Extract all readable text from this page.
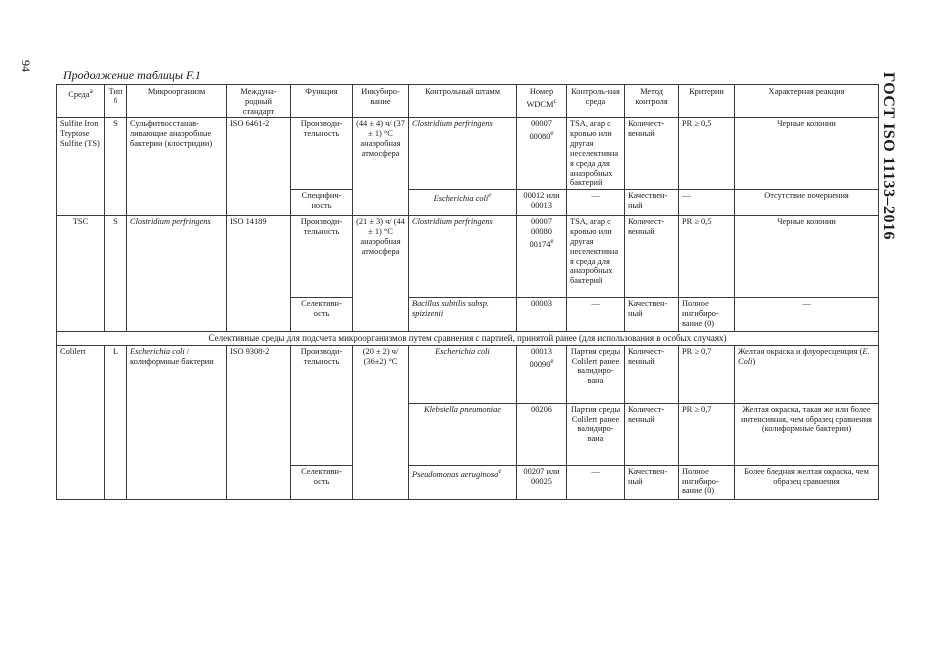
94
ГОСТ ISO 11133–2016
Продолжение таблицы F.1
Среда$^а$	Тип$^б$	Микроорганизм	Междуна-родный стандарт	Функция	Инкубиро-вание	Контрольный штамм	Номер $WDCM^с$	Контроль-ная среда	Метод контроля	Критерии	Характерная реакция
Sulfite Iron Tryptose Sulfite (TS)	S	Сульфитвосстанав-ливающие анаэробные бактерии (клостридии)	ISO 6461-2	Производи-тельность	(44 ± 4) ч/ (37 ± 1) °C анаэробная атмосфера	Clostridium perfringens	00007 00080e	TSA, агар с кровью или другая неселективная среда для анаэробных бактерий	Количест-венный	PR ≥ 0,5	Черные колонии
				Специфич-ность		Escherichia coli$^e$	00012 или 00013	—	Качествен-ный	—	Отсутствие почернения
TSC	S	Clostridium perfringens	ISO 14189	Производи-тельность	(21 ± 3) ч/ (44 ± 1) °C анаэробная атмосфера	Clostridium perfringens	00007 00080 00174e	TSA, агар с кровью или другая неселективная среда для анаэробных бактерий	Количест-венный	PR ≥ 0,5	Черные колонии
				Селективн-ость		Bacillus subtilis subsp. spizizenii	00003	—	Качествен-ный	Полное ингибиро-вание (0)	—
Селективные среды для подсчета микроорганизмов путем сравнения с партией, принятой ранее (для использования в особых случаях)											
Colilert	L	Escherichia coli /колиформные бактерии	ISO 9308-2	Производи-тельность	(20 ± 2) ч/ (36±2) °C	Escherichia coli	00013 00090e	Партия среды Colilert ранее валидиро-вана	Количест-венный	PR ≥ 0,7	Желтая окраска и флуоресценция (E. Coli)
						Klebsiella pneumoniae	00206	Партия среды Colilert ранее валидиро-вана	Количест-венный	PR ≥ 0,7	Желтая окраска, такая же или более интенсивная, чем образец сравнения (колиформные бактерии)
				Селективн-ость		Pseudomonas aeruginosa$^e$	00207 или 00025	—	Качествен-ный	Полное ингибиро-вание (0)	Более бледная желтая окраска, чем образец сравнения
